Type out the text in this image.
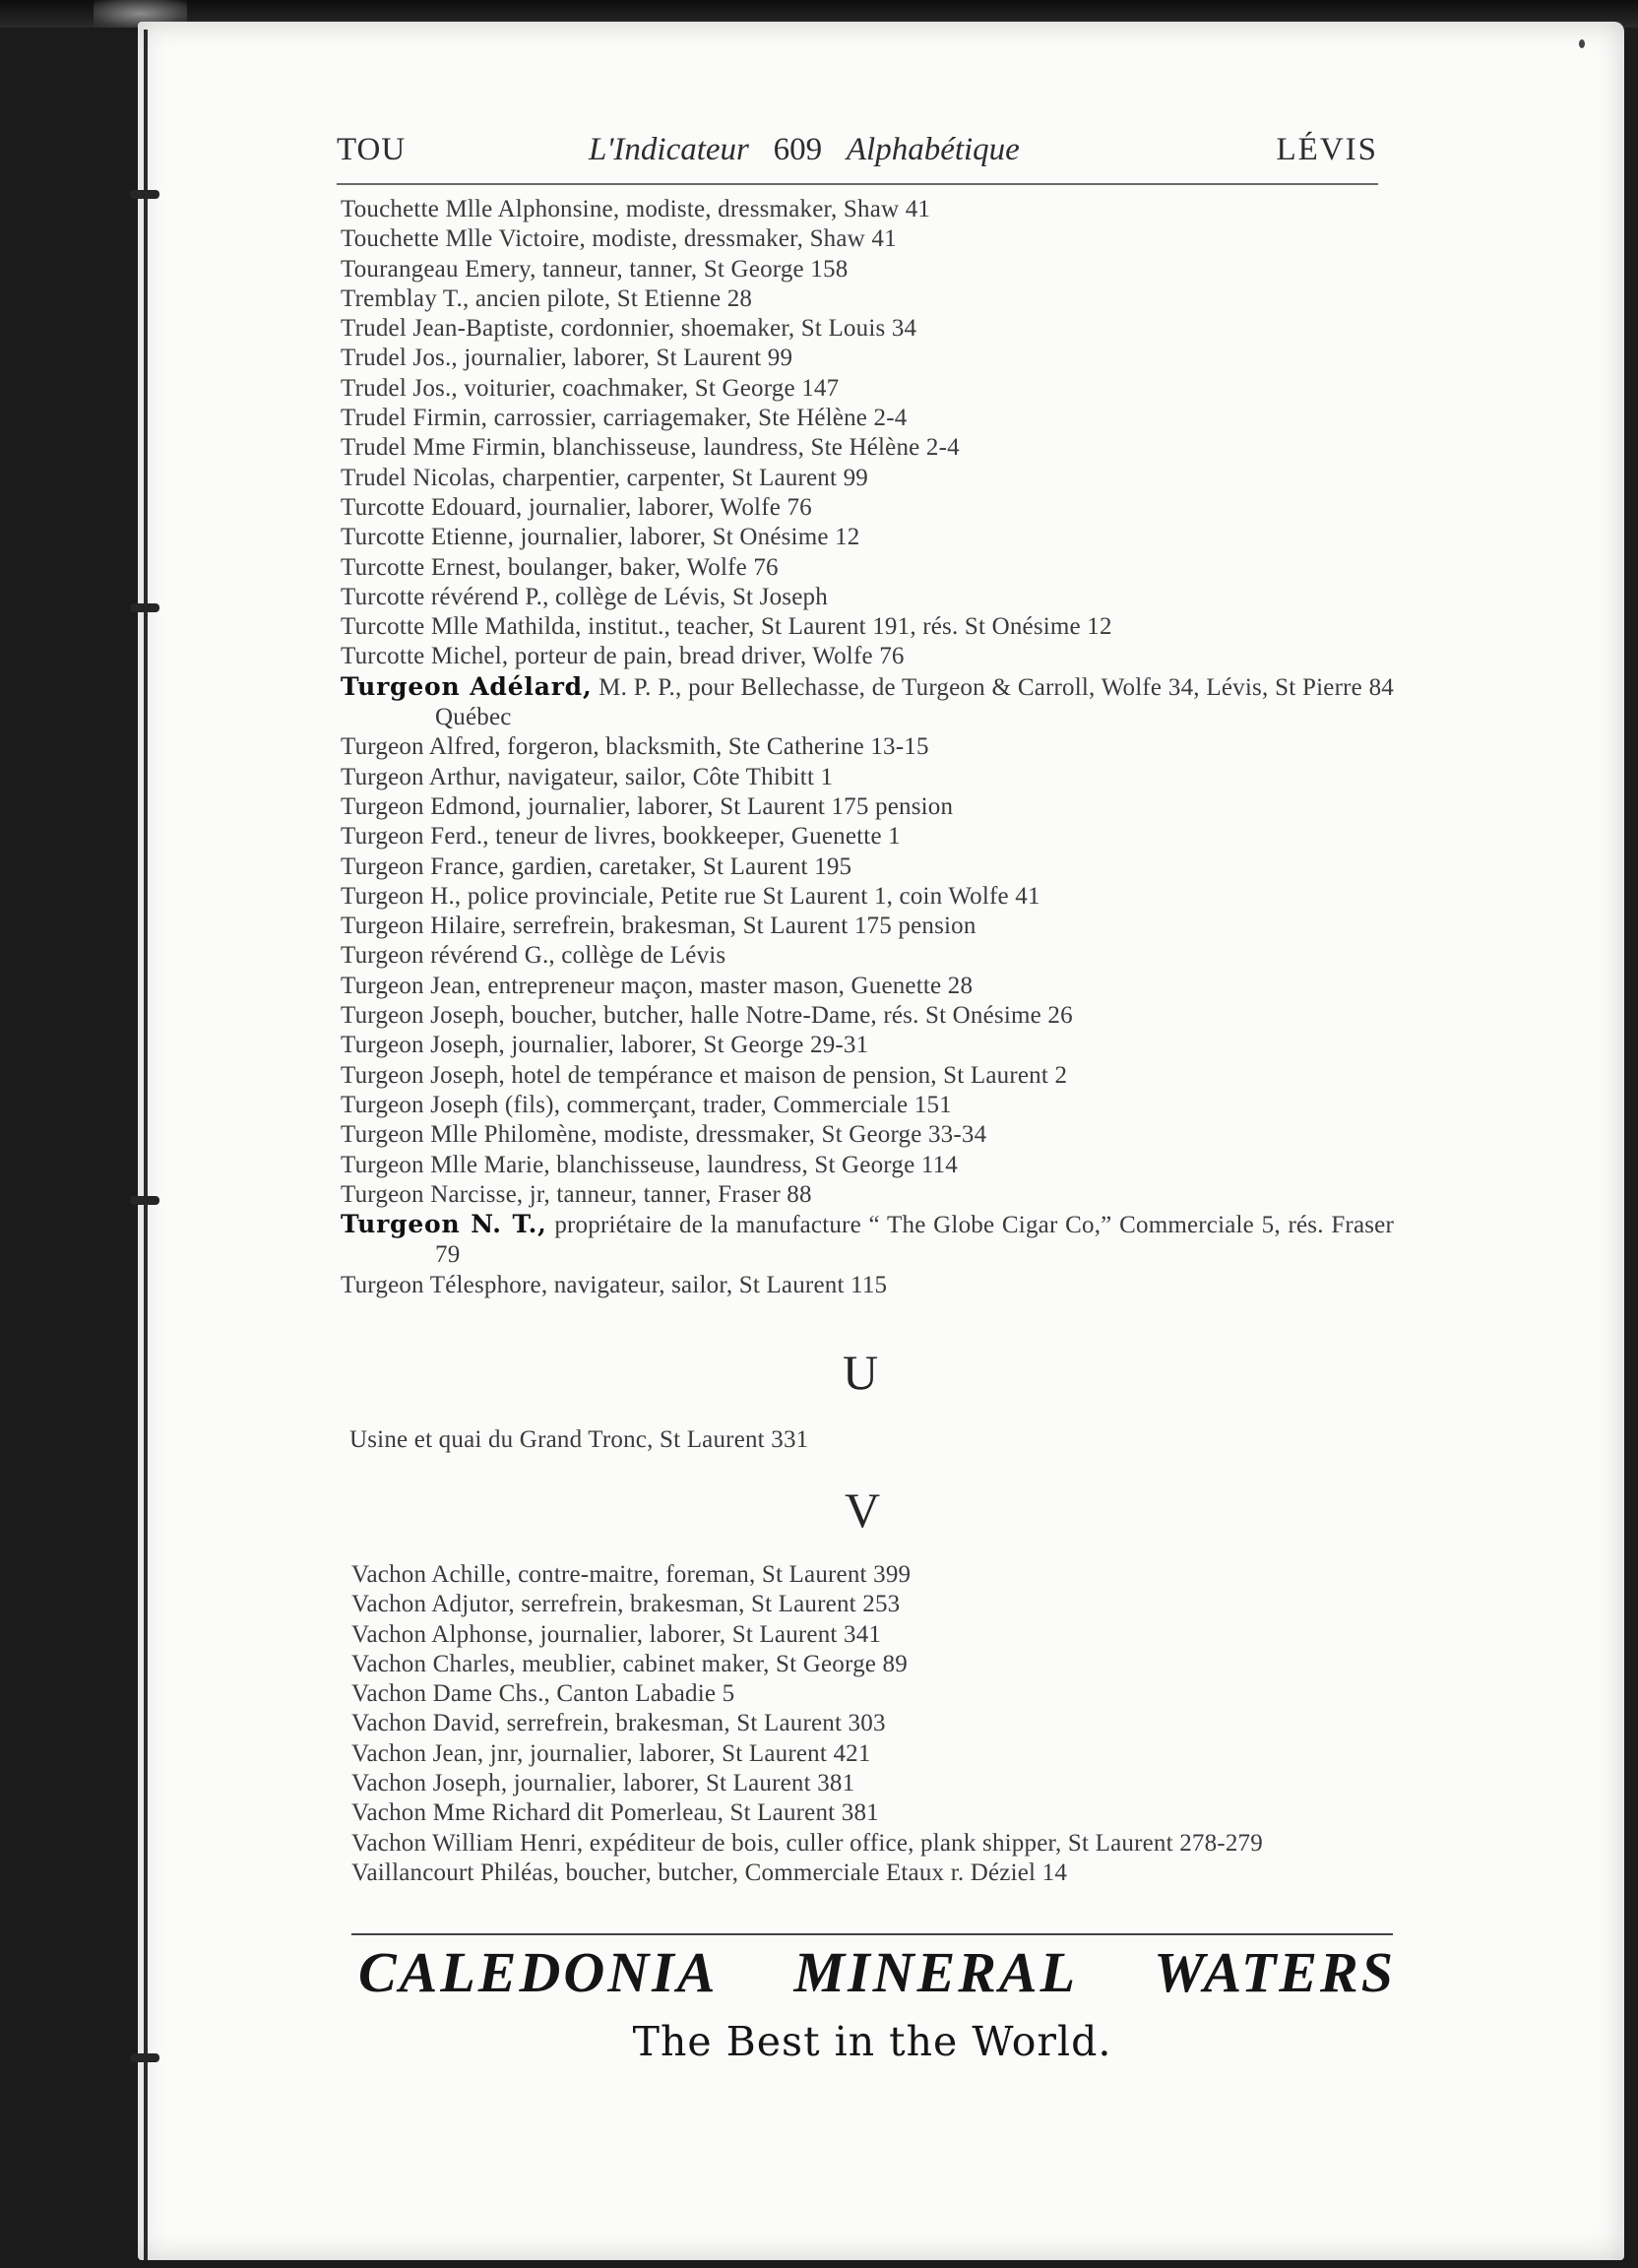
TOU	L'Indicateur 609 Alphabétique	LÉVIS
Touchette Mlle Alphonsine, modiste, dressmaker, Shaw 41
Touchette Mlle Victoire, modiste, dressmaker, Shaw 41
Tourangeau Emery, tanneur, tanner, St George 158
Tremblay T., ancien pilote, St Etienne 28
Trudel Jean-Baptiste, cordonnier, shoemaker, St Louis 34
Trudel Jos., journalier, laborer, St Laurent 99
Trudel Jos., voiturier, coachmaker, St George 147
Trudel Firmin, carrossier, carriagemaker, Ste Hélène 2-4
Trudel Mme Firmin, blanchisseuse, laundress, Ste Hélène 2-4
Trudel Nicolas, charpentier, carpenter, St Laurent 99
Turcotte Edouard, journalier, laborer, Wolfe 76
Turcotte Etienne, journalier, laborer, St Onésime 12
Turcotte Ernest, boulanger, baker, Wolfe 76
Turcotte révérend P., collège de Lévis, St Joseph
Turcotte Mlle Mathilda, institut., teacher, St Laurent 191, rés. St Onésime 12
Turcotte Michel, porteur de pain, bread driver, Wolfe 76
Turgeon Adélard, M. P. P., pour Bellechasse, de Turgeon & Carroll, Wolfe 34, Lévis, St Pierre 84 Québec
Turgeon Alfred, forgeron, blacksmith, Ste Catherine 13-15
Turgeon Arthur, navigateur, sailor, Côte Thibitt 1
Turgeon Edmond, journalier, laborer, St Laurent 175 pension
Turgeon Ferd., teneur de livres, bookkeeper, Guenette 1
Turgeon France, gardien, caretaker, St Laurent 195
Turgeon H., police provinciale, Petite rue St Laurent 1, coin Wolfe 41
Turgeon Hilaire, serrefrein, brakesman, St Laurent 175 pension
Turgeon révérend G., collège de Lévis
Turgeon Jean, entrepreneur maçon, master mason, Guenette 28
Turgeon Joseph, boucher, butcher, halle Notre-Dame, rés. St Onésime 26
Turgeon Joseph, journalier, laborer, St George 29-31
Turgeon Joseph, hotel de tempérance et maison de pension, St Laurent 2
Turgeon Joseph (fils), commerçant, trader, Commerciale 151
Turgeon Mlle Philomène, modiste, dressmaker, St George 33-34
Turgeon Mlle Marie, blanchisseuse, laundress, St George 114
Turgeon Narcisse, jr, tanneur, tanner, Fraser 88
Turgeon N. T., propriétaire de la manufacture “ The Globe Cigar Co,” Commerciale 5, rés. Fraser 79
Turgeon Télesphore, navigateur, sailor, St Laurent 115
U
Usine et quai du Grand Tronc, St Laurent 331
V
Vachon Achille, contre-maitre, foreman, St Laurent 399
Vachon Adjutor, serrefrein, brakesman, St Laurent 253
Vachon Alphonse, journalier, laborer, St Laurent 341
Vachon Charles, meublier, cabinet maker, St George 89
Vachon Dame Chs., Canton Labadie 5
Vachon David, serrefrein, brakesman, St Laurent 303
Vachon Jean, jnr, journalier, laborer, St Laurent 421
Vachon Joseph, journalier, laborer, St Laurent 381
Vachon Mme Richard dit Pomerleau, St Laurent 381
Vachon William Henri, expéditeur de bois, culler office, plank shipper, St Laurent 278-279
Vaillancourt Philéas, boucher, butcher, Commerciale Etaux r. Déziel 14
CALEDONIA MINERAL WATERS
The Best in the World.
